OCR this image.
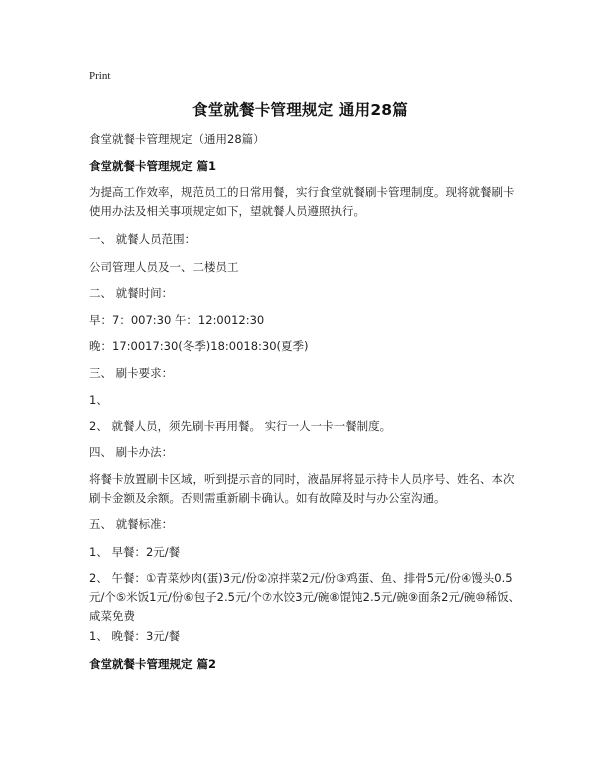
Print
食堂就餐卡管理规定 通用28篇
食堂就餐卡管理规定（通用28篇）
食堂就餐卡管理规定 篇1
为提高工作效率，规范员工的日常用餐，实行食堂就餐刷卡管理制度。现将就餐刷卡使用办法及相关事项规定如下，望就餐人员遵照执行。
一、 就餐人员范围：
公司管理人员及一、二楼员工
二、 就餐时间：
早：7：007:30 午：12:0012:30
晚：17:0017:30(冬季)18:0018:30(夏季)
三、 刷卡要求：
1、
2、 就餐人员，须先刷卡再用餐。 实行一人一卡一餐制度。
四、 刷卡办法：
将餐卡放置刷卡区域，听到提示音的同时，液晶屏将显示持卡人员序号、姓名、本次刷卡金额及余额。否则需重新刷卡确认。如有故障及时与办公室沟通。
五、 就餐标准：
1、 早餐：2元/餐
2、 午餐：①青菜炒肉(蛋)3元/份②凉拌菜2元/份③鸡蛋、鱼、排骨5元/份④馒头0.5元/个⑤米饭1元/份⑥包子2.5元/个⑦水饺3元/碗⑧馄饨2.5元/碗⑨面条2元/碗⑩稀饭、咸菜免费
1、 晚餐：3元/餐
食堂就餐卡管理规定 篇2
